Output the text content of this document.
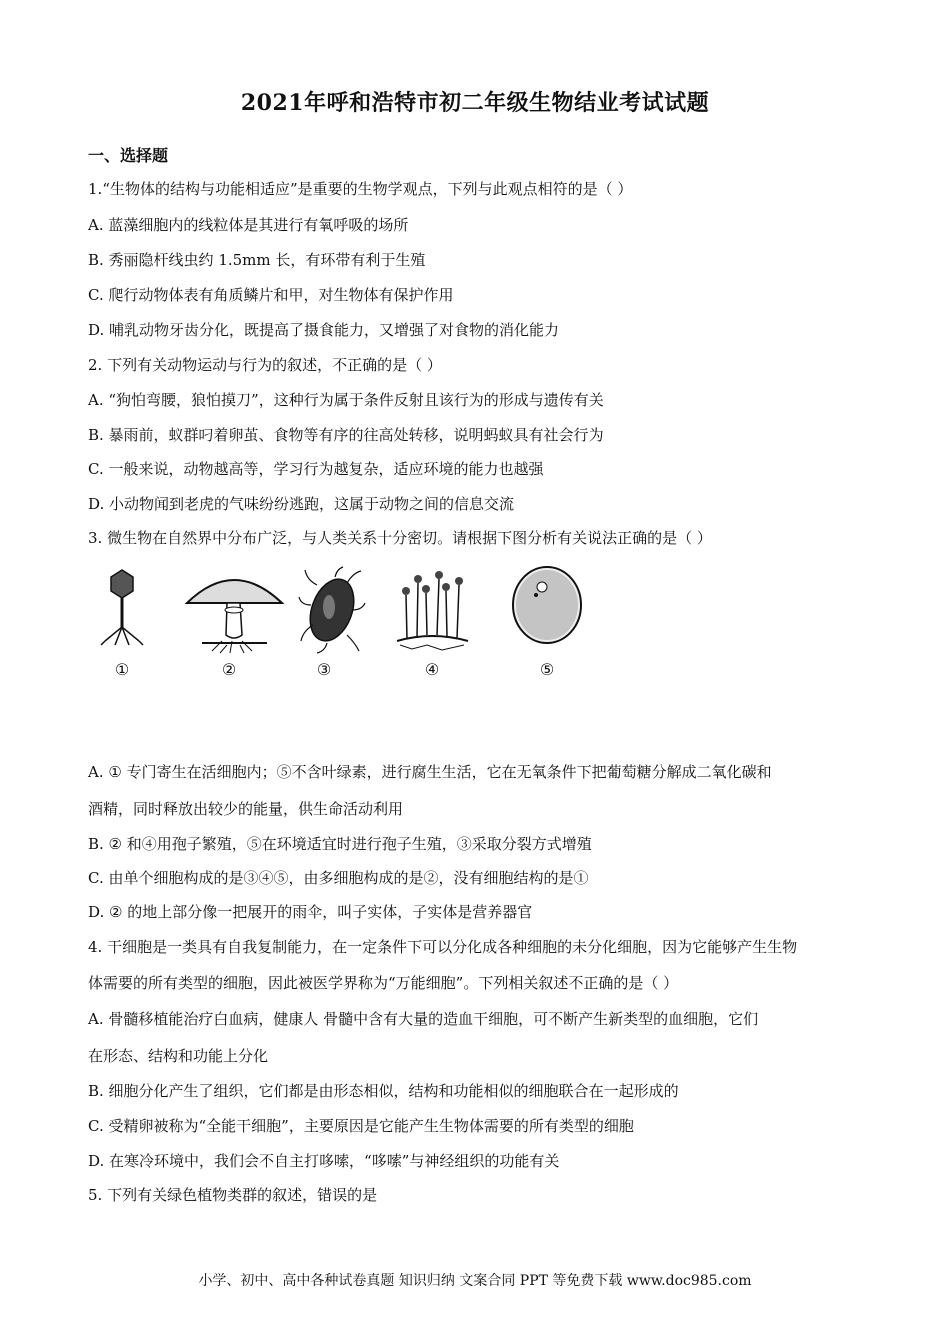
2021年呼和浩特市初二年级生物结业考试试题
一、选择题
1.“生物体的结构与功能相适应”是重要的生物学观点，下列与此观点相符的是（ ）
A. 蓝藻细胞内的线粒体是其进行有氧呼吸的场所
B. 秀丽隐杆线虫约 1.5mm 长，有环带有利于生殖
C. 爬行动物体表有角质鳞片和甲，对生物体有保护作用
D. 哺乳动物牙齿分化，既提高了摄食能力，又增强了对食物的消化能力
2. 下列有关动物运动与行为的叙述，不正确的是（ ）
A. “狗怕弯腰，狼怕摸刀”，这种行为属于条件反射且该行为的形成与遗传有关
B. 暴雨前，蚁群叼着卵茧、食物等有序的往高处转移，说明蚂蚁具有社会行为
C. 一般来说，动物越高等，学习行为越复杂，适应环境的能力也越强
D. 小动物闻到老虎的气味纷纷逃跑，这属于动物之间的信息交流
3. 微生物在自然界中分布广泛，与人类关系十分密切。请根据下图分析有关说法正确的是（ ）
①	②	③	④	⑤
A. ① 专门寄生在活细胞内；⑤不含叶绿素，进行腐生生活，它在无氧条件下把葡萄糖分解成二氧化碳和
酒精，同时释放出较少的能量，供生命活动利用
B. ② 和④用孢子繁殖，⑤在环境适宜时进行孢子生殖，③采取分裂方式增殖
C. 由单个细胞构成的是③④⑤，由多细胞构成的是②，没有细胞结构的是①
D. ② 的地上部分像一把展开的雨伞，叫子实体，子实体是营养器官
4. 干细胞是一类具有自我复制能力，在一定条件下可以分化成各种细胞的未分化细胞，因为它能够产生生物
体需要的所有类型的细胞，因此被医学界称为“万能细胞”。下列相关叙述不正确的是（ ）
A. 骨髓移植能治疗白血病，健康人 骨髓中含有大量的造血干细胞，可不断产生新类型的血细胞，它们
在形态、结构和功能上分化
B. 细胞分化产生了组织，它们都是由形态相似，结构和功能相似的细胞联合在一起形成的
C. 受精卵被称为“全能干细胞”，主要原因是它能产生生物体需要的所有类型的细胞
D. 在寒冷环境中，我们会不自主打哆嗦，“哆嗦”与神经组织的功能有关
5. 下列有关绿色植物类群的叙述，错误的是
小学、初中、高中各种试卷真题 知识归纳 文案合同 PPT 等免费下载 www.doc985.com
